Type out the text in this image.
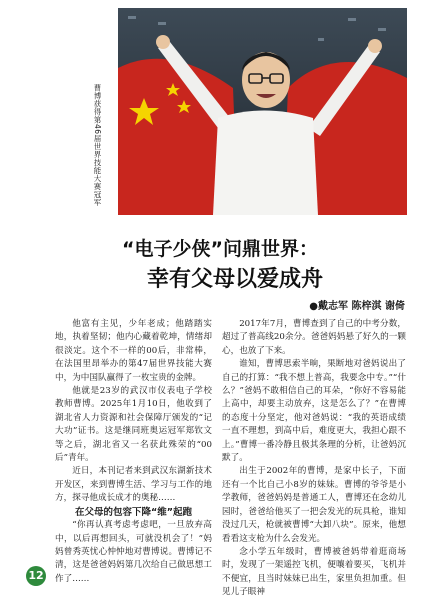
曹博获得第46届世界技能大赛冠军
“电子少侠”问鼎世界：
幸有父母以爱成舟
●戴志军 陈梓淇 谢倚

他富有主见，少年老成；他踏踏实地，执着坚韧；他内心藏着乾坤，情绪却很淡定。这个不一样的00后，非常棒，在法国里昂举办的第47届世界技能大赛中，为中国队赢得了一枚宝贵的金牌。

他就是23岁的武汉市仪表电子学校教师曹博。2025年1月10日，他收到了湖北省人力资源和社会保障厅颁发的“记大功”证书。这是继同班奥运冠军郑钦文等之后，湖北省又一名获此殊荣的“00后”青年。

近日，本刊记者来到武汉东湖新技术开发区，来到曹博生活、学习与工作的地方，探寻他成长成才的奥秘……

在父母的包容下降“维”起跑

“你再认真考虑考虑吧，一旦放弃高中，以后再想回头，可就没机会了！”妈妈曾秀英忧心忡忡地对曹博说。曹博记不清，这是爸爸妈妈第几次给自己做思想工作了……

2017年7月，曹博查到了自己的中考分数，超过了普高线20余分。爸爸妈妈悬了好久的一颗心，也放了下来。

谁知，曹博思索半晌，果断地对爸妈说出了自己的打算：“我不想上普高，我要念中专。”“什么？”爸妈不敢相信自己的耳朵，“你好不容易能上高中，却要主动放弃，这是怎么了？”在曹博的态度十分坚定，他对爸妈说：“我的英语成绩一直不理想，到高中后，难度更大，我担心跟不上。”曹博一番冷静且极其条理的分析，让爸妈沉默了。

出生于2002年的曹博，是家中长子，下面还有一个比自己小8岁的妹妹。曹博的爷爷是小学教师，爸爸妈妈是普通工人，曹博还在念幼儿园时，爸爸给他买了一把会发光的玩具枪，谁知没过几天，枪就被曹博“大卸八块”。原来，他想看看这支枪为什么会发光。

念小学五年级时，曹博被爸妈带着逛商场时，发现了一架遥控飞机，便嚷着要买，飞机并不便宜，且当时妹妹已出生，家里负担加重。但见儿子眼神

12
